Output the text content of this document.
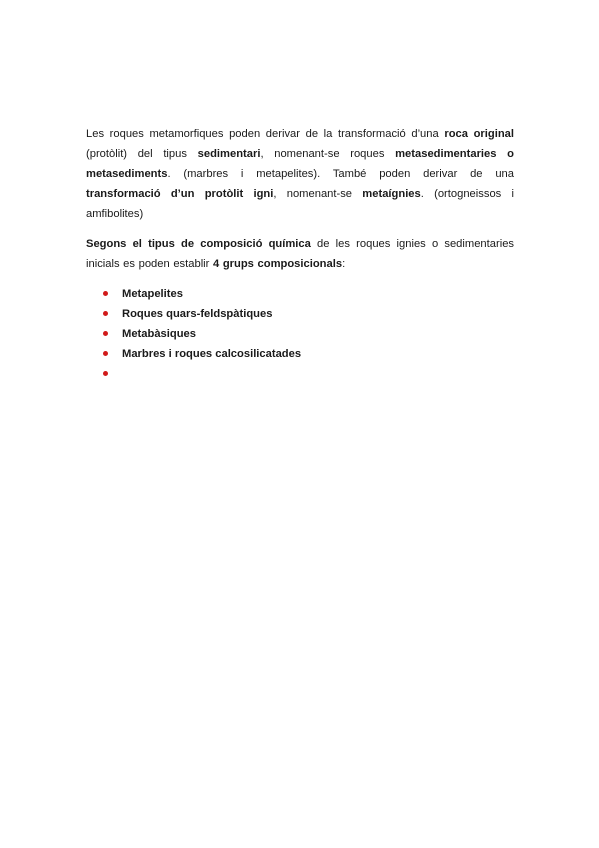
Les roques metamorfiques poden derivar de la transformació d’una roca original (protòlit) del tipus sedimentari, nomenant-se roques metasedimentaries o metasediments. (marbres i metapelites). També poden derivar de una transformació d’un protòlit igni, nomenant-se metaígnies. (ortogneissos i amfibolites)

Segons el tipus de composició química de les roques ignies o sedimentaries inicials es poden establir 4 grups composicionals:

Metapelites
Roques quars-feldspàtiques
Metabàsiques
Marbres i roques calcosilicatades
